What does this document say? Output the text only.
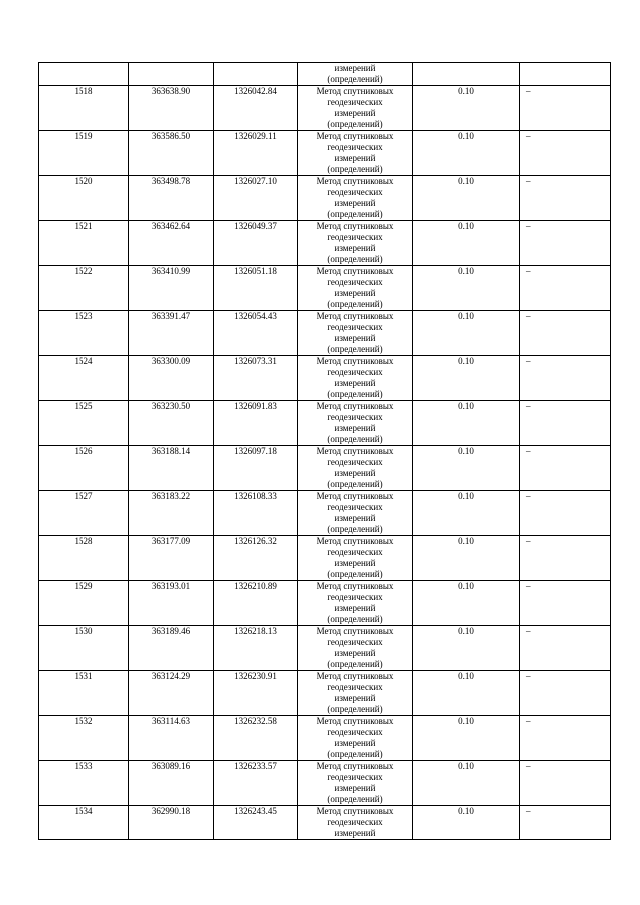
			измерений
(определений)		

1518	363638.90	1326042.84	Метод спутниковых
геодезических
измерений
(определений)	0.10	–
1519	363586.50	1326029.11	Метод спутниковых
геодезических
измерений
(определений)	0.10	–
1520	363498.78	1326027.10	Метод спутниковых
геодезических
измерений
(определений)	0.10	–
1521	363462.64	1326049.37	Метод спутниковых
геодезических
измерений
(определений)	0.10	–
1522	363410.99	1326051.18	Метод спутниковых
геодезических
измерений
(определений)	0.10	–
1523	363391.47	1326054.43	Метод спутниковых
геодезических
измерений
(определений)	0.10	–
1524	363300.09	1326073.31	Метод спутниковых
геодезических
измерений
(определений)	0.10	–
1525	363230.50	1326091.83	Метод спутниковых
геодезических
измерений
(определений)	0.10	–
1526	363188.14	1326097.18	Метод спутниковых
геодезических
измерений
(определений)	0.10	–
1527	363183.22	1326108.33	Метод спутниковых
геодезических
измерений
(определений)	0.10	–
1528	363177.09	1326126.32	Метод спутниковых
геодезических
измерений
(определений)	0.10	–
1529	363193.01	1326210.89	Метод спутниковых
геодезических
измерений
(определений)	0.10	–
1530	363189.46	1326218.13	Метод спутниковых
геодезических
измерений
(определений)	0.10	–
1531	363124.29	1326230.91	Метод спутниковых
геодезических
измерений
(определений)	0.10	–
1532	363114.63	1326232.58	Метод спутниковых
геодезических
измерений
(определений)	0.10	–
1533	363089.16	1326233.57	Метод спутниковых
геодезических
измерений
(определений)	0.10	–
1534	362990.18	1326243.45	Метод спутниковых
геодезических
измерений	0.10	–
